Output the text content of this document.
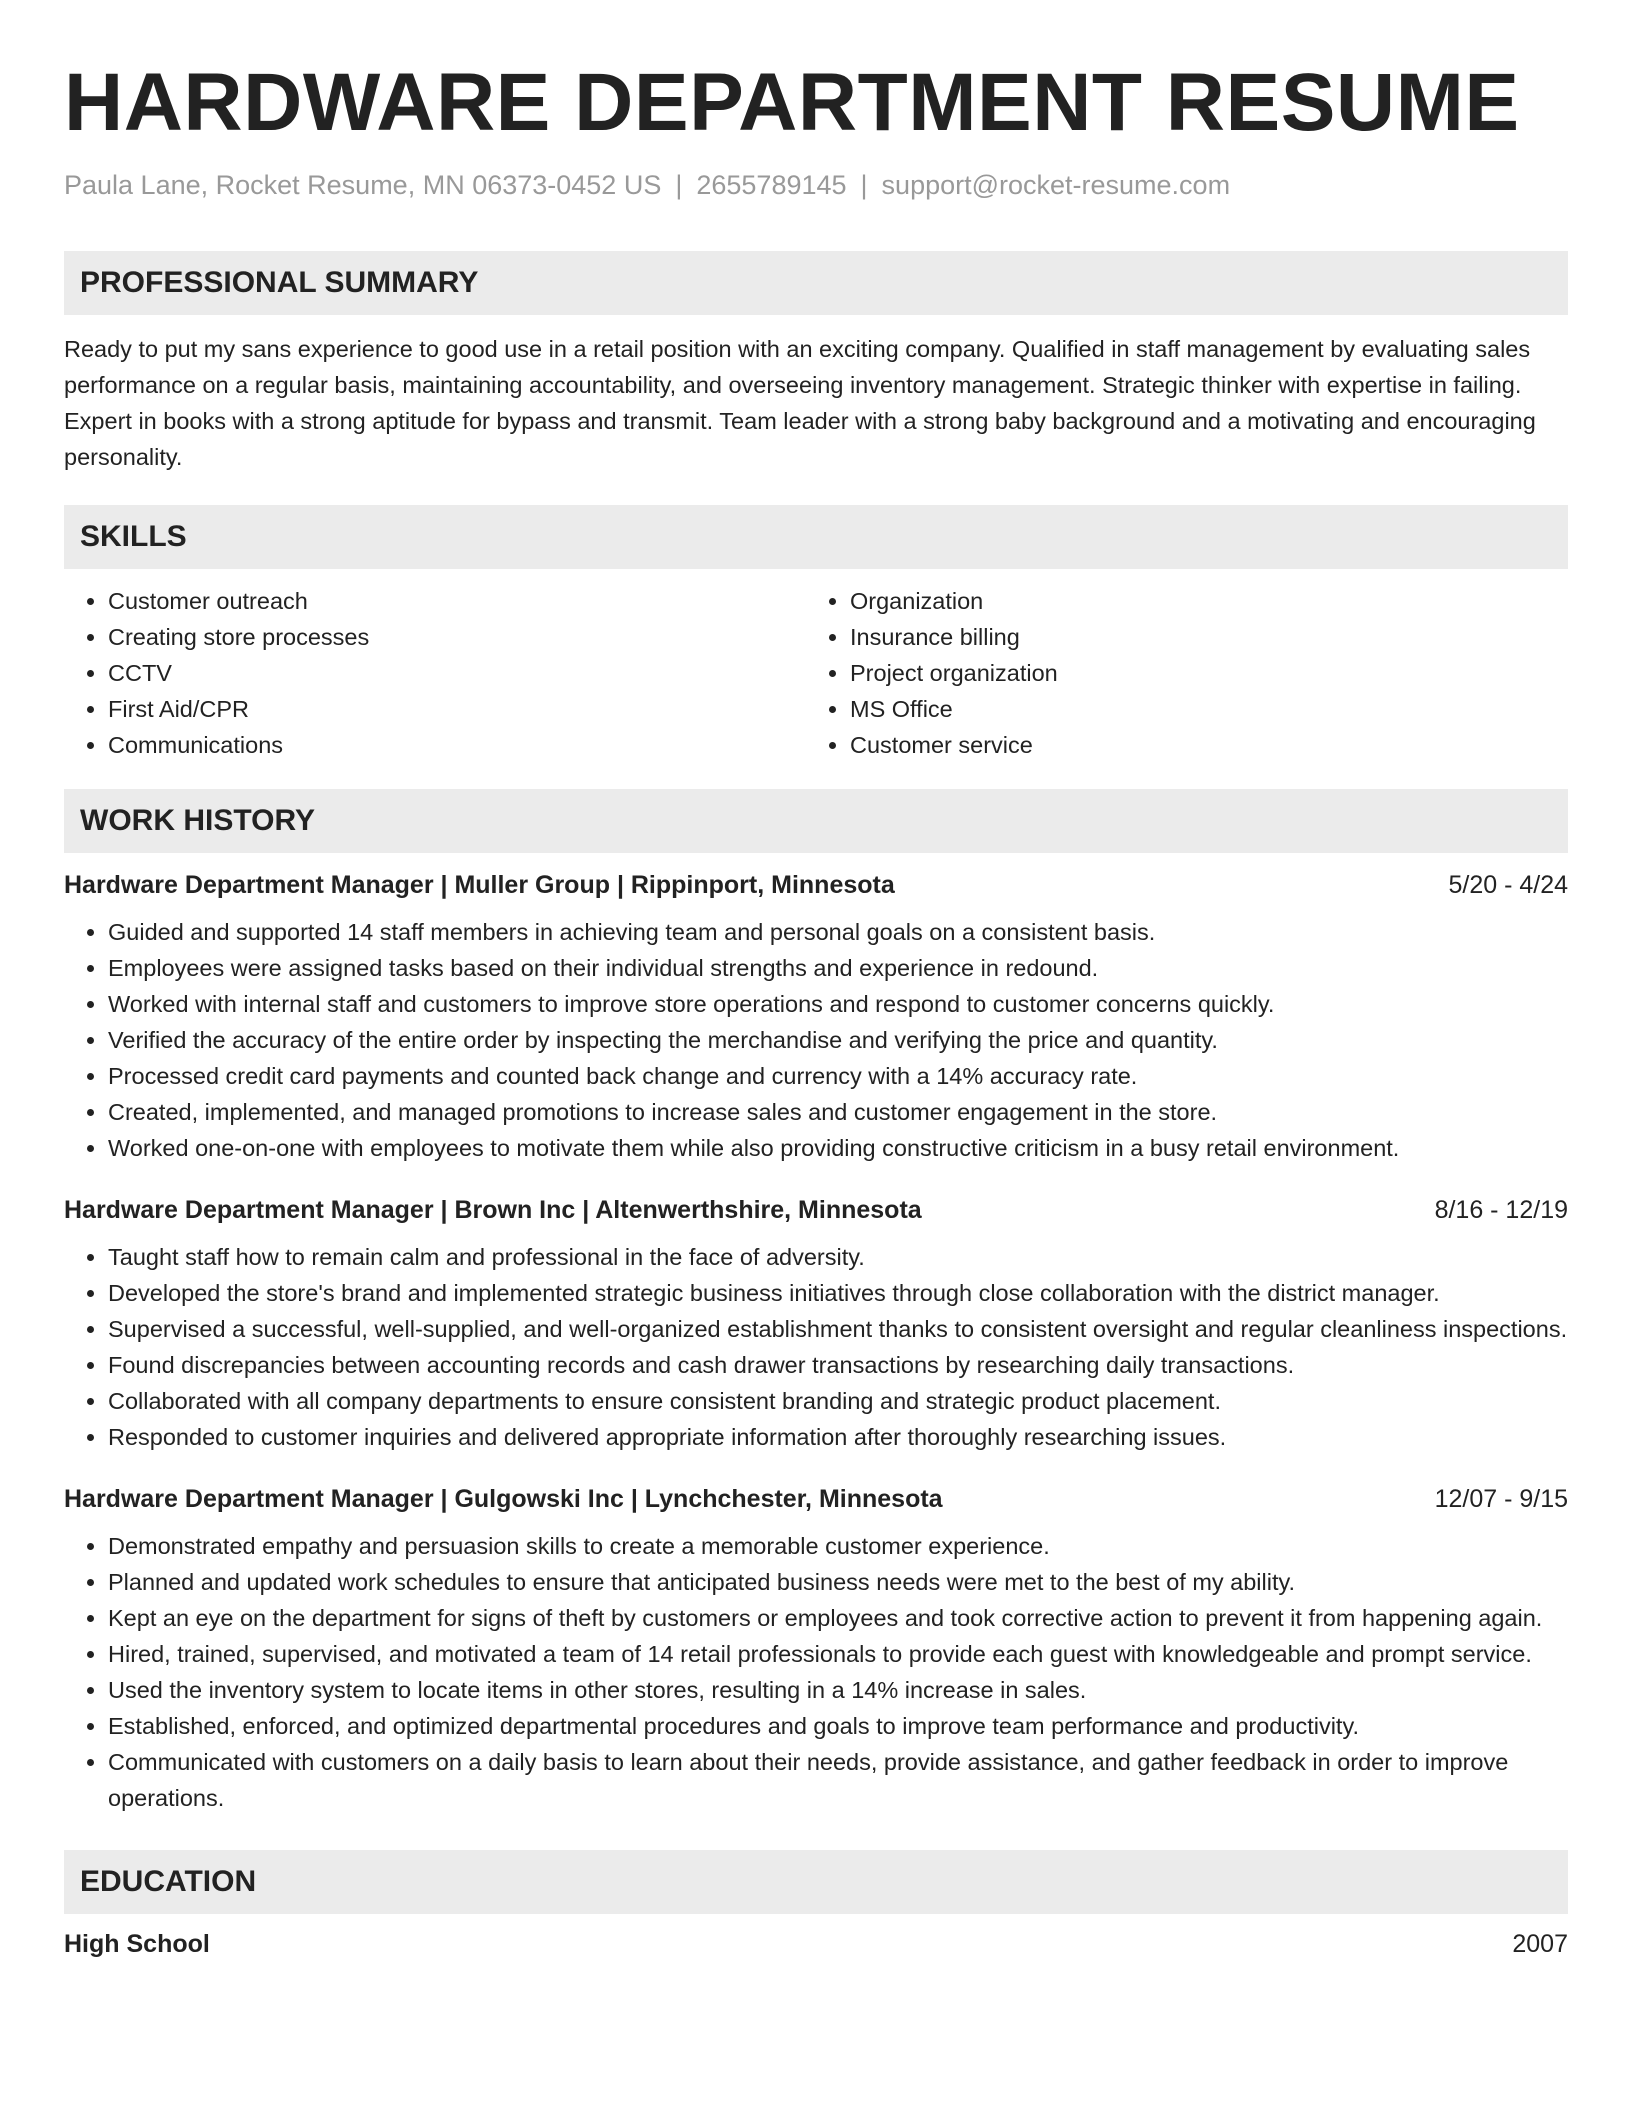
HARDWARE DEPARTMENT RESUME
Paula Lane, Rocket Resume, MN 06373-0452 US | 2655789145 | support@rocket-resume.com
PROFESSIONAL SUMMARY

Ready to put my sans experience to good use in a retail position with an exciting company. Qualified in staff management by evaluating sales performance on a regular basis, maintaining accountability, and overseeing inventory management. Strategic thinker with expertise in failing. Expert in books with a strong aptitude for bypass and transmit. Team leader with a strong baby background and a motivating and encouraging personality.

SKILLS
• Customer outreach
• Creating store processes
• CCTV
• First Aid/CPR
• Communications
• Organization
• Insurance billing
• Project organization
• MS Office
• Customer service
WORK HISTORY
Hardware Department Manager | Muller Group | Rippinport, Minnesota	5/20 - 4/24
• Guided and supported 14 staff members in achieving team and personal goals on a consistent basis.
• Employees were assigned tasks based on their individual strengths and experience in redound.
• Worked with internal staff and customers to improve store operations and respond to customer concerns quickly.
• Verified the accuracy of the entire order by inspecting the merchandise and verifying the price and quantity.
• Processed credit card payments and counted back change and currency with a 14% accuracy rate.
• Created, implemented, and managed promotions to increase sales and customer engagement in the store.
• Worked one-on-one with employees to motivate them while also providing constructive criticism in a busy retail environment.
Hardware Department Manager | Brown Inc | Altenwerthshire, Minnesota	8/16 - 12/19
• Taught staff how to remain calm and professional in the face of adversity.
• Developed the store's brand and implemented strategic business initiatives through close collaboration with the district manager.
• Supervised a successful, well-supplied, and well-organized establishment thanks to consistent oversight and regular cleanliness inspections.
• Found discrepancies between accounting records and cash drawer transactions by researching daily transactions.
• Collaborated with all company departments to ensure consistent branding and strategic product placement.
• Responded to customer inquiries and delivered appropriate information after thoroughly researching issues.
Hardware Department Manager | Gulgowski Inc | Lynchchester, Minnesota	12/07 - 9/15
• Demonstrated empathy and persuasion skills to create a memorable customer experience.
• Planned and updated work schedules to ensure that anticipated business needs were met to the best of my ability.
• Kept an eye on the department for signs of theft by customers or employees and took corrective action to prevent it from happening again.
• Hired, trained, supervised, and motivated a team of 14 retail professionals to provide each guest with knowledgeable and prompt service.
• Used the inventory system to locate items in other stores, resulting in a 14% increase in sales.
• Established, enforced, and optimized departmental procedures and goals to improve team performance and productivity.
• Communicated with customers on a daily basis to learn about their needs, provide assistance, and gather feedback in order to improve operations.
EDUCATION
High School	2007
